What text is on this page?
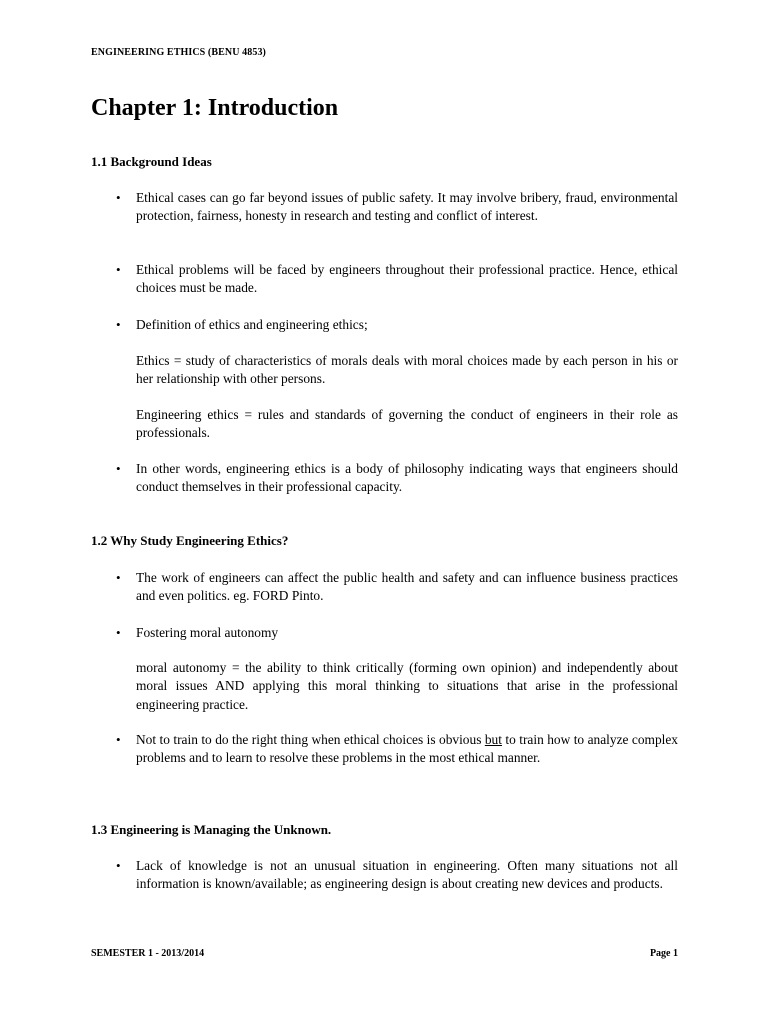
ENGINEERING ETHICS (BENU 4853)
Chapter 1: Introduction
1.1 Background Ideas
• Ethical cases can go far beyond issues of public safety. It may involve bribery, fraud, environmental protection, fairness, honesty in research and testing and conflict of interest.

• Ethical problems will be faced by engineers throughout their professional practice. Hence, ethical choices must be made.

• Definition of ethics and engineering ethics;

Ethics = study of characteristics of morals deals with moral choices made by each person in his or her relationship with other persons.

Engineering ethics = rules and standards of governing the conduct of engineers in their role as professionals.

• In other words, engineering ethics is a body of philosophy indicating ways that engineers should conduct themselves in their professional capacity.

1.2 Why Study Engineering Ethics?
• The work of engineers can affect the public health and safety and can influence business practices and even politics. eg. FORD Pinto.

• Fostering moral autonomy

moral autonomy = the ability to think critically (forming own opinion) and independently about moral issues AND applying this moral thinking to situations that arise in the professional engineering practice.

• Not to train to do the right thing when ethical choices is obvious but to train how to analyze complex problems and to learn to resolve these problems in the most ethical manner.

1.3 Engineering is Managing the Unknown.
• Lack of knowledge is not an unusual situation in engineering. Often many situations not all information is known/available; as engineering design is about creating new devices and products.

SEMESTER 1 - 2013/2014	Page 1
